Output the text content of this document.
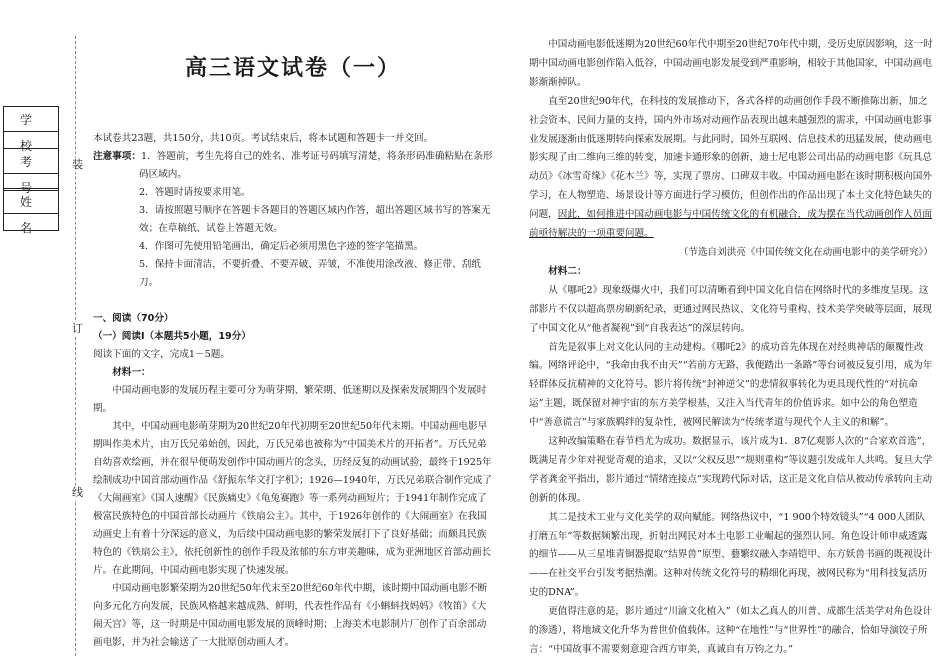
装
订
线
学 校
考 号
姓 名
高三语文试卷（一）

本试卷共23题，共150分，共10页。考试结束后，将本试题和答题卡一并交回。

注意事项：1．答题前，考生先将自己的姓名、准考证号码填写清楚，将条形码准确粘贴在条形码区域内。

2．答题时请按要求用笔。

3．请按照题号顺序在答题卡各题目的答题区域内作答，超出答题区域书写的答案无效；在草稿纸、试卷上答题无效。

4．作图可先使用铅笔画出，确定后必须用黑色字迹的签字笔描黑。

5．保持卡面清洁，不要折叠、不要弄破、弄皱，不准使用涂改液、修正带、刮纸刀。

一、阅读（70分）

（一）阅读Ⅰ（本题共5小题，19分）

阅读下面的文字，完成1－5题。

材料一：

中国动画电影的发展历程主要可分为萌芽期、繁荣期、低迷期以及探索发展期四个发展时期。

其中，中国动画电影萌芽期为20世纪20年代初期至20世纪50年代末期。中国动画电影早期叫作美术片，由万氏兄弟始创，因此，万氏兄弟也被称为“中国美术片的开拓者”。万氏兄弟自幼喜欢绘画，并在很早便萌发创作中国动画片的念头，历经反复的动画试验，最终于1925年绘制成功中国首部动画作品《舒振东华文打字机》；1926—1940年，万氏兄弟联合制作完成了《大闹画室》《国人速醒》《民族痛史》《龟兔赛跑》等一系列动画短片；于1941年制作完成了极富民族特色的中国首部长动画片《铁扇公主》。其中，于1926年创作的《大闹画室》在我国动画史上有着十分深远的意义，为后续中国动画电影的繁荣发展打下了良好基础；而颇具民族特色的《铁扇公主》，依托创新性的创作手段及浓郁的东方审美趣味，成为亚洲地区首部动画长片。在此期间，中国动画电影实现了快速发展。

中国动画电影繁荣期为20世纪50年代末至20世纪60年代中期，该时期中国动画电影不断向多元化方向发展，民族风格越来越成熟、鲜明，代表性作品有《小蝌蚪找妈妈》《牧笛》《大闹天宫》等，这一时期是中国动画电影发展的顶峰时期；上海美术电影制片厂创作了百余部动画电影，并为社会输送了一大批原创动画人才。

中国动画电影低迷期为20世纪60年代中期至20世纪70年代中期，受历史原因影响，这一时期中国动画电影创作陷入低谷，中国动画电影发展受到严重影响，相较于其他国家，中国动画电影渐渐掉队。

直至20世纪90年代，在科技的发展推动下，各式各样的动画创作手段不断推陈出新，加之社会资本、民间力量的支持，国内外市场对动画作品表现出越来越强烈的需求，中国动画电影事业发展逐渐由低迷期转向探索发展期。与此同时，国外互联网、信息技术的迅猛发展，使动画电影实现了由二维向三维的转变，加速卡通形象的创新，迪士尼电影公司出品的动画电影《玩具总动员》《冰雪奇缘》《花木兰》等，实现了票房、口碑双丰收。中国动画电影在该时期积极向国外学习，在人物塑造、场景设计等方面进行学习模仿，但创作出的作品出现了本土文化特色缺失的问题，因此，如何推进中国动画电影与中国传统文化的有机融合，成为摆在当代动画创作人员面前亟待解决的一项重要问题。

（节选自刘洪亮《中国传统文化在动画电影中的美学研究》）

材料二：

从《哪吒2》现象级爆火中，我们可以清晰看到中国文化自信在网络时代的多维度呈现。这部影片不仅以超高票房刷新纪录，更通过网民热议、文化符号重构、技术美学突破等层面，展现了中国文化从“他者凝视”到“自我表达”的深层转向。

首先是叙事上对文化认同的主动建构。《哪吒2》的成功首先体现在对经典神话的颠覆性改编。网络评论中，“我命由我不由天”“若前方无路，我便踏出一条路”等台词被反复引用，成为年轻群体反抗精神的文化符号。影片将传统“封神逆父”的悲情叙事转化为更具现代性的“对抗命运”主题，既保留对神宇宙的东方美学根基，又注入当代青年的价值诉求。如中公的角色塑造中“善意谎言”与家族羁绊的复杂性，被网民解读为“传统孝道与现代个人主义的和解”。

这种改编策略在春节档尤为成功。数据显示，该片成为1．87亿观影人次的“合家欢首选”，既满足青少年对视觉奇观的追求，又以“父权反思”“规则重构”等议题引发成年人共鸣。复旦大学学者龚金平指出，影片通过“情绪连接点”实现跨代际对话，这正是文化自信从被动传承转向主动创新的体现。

其二是技术工业与文化美学的双向赋能。网络热议中，“1 900个特效镜头”“4 000人团队打磨五年”等数据频繁出现，折射出网民对本土电影工业崛起的强烈认同。角色设计师申威透露的细节——从三星堆青铜器提取“结界兽”原型、藝繁纹融入李靖铠甲、东方妖兽书画的既视设计——在社交平台引发考据热潮。这种对传统文化符号的精细化再现，被网民称为“用科技复活历史的DNA”。

更值得注意的是，影片通过“川渝文化植入”（如太乙真人的川普、成都生活美学对角色设计的渗透），将地域文化升华为普世价值载体。这种“在地性”与“世界性”的融合，恰如导演饺子所言：“中国故事不需要刻意迎合西方审美，真诚自有万钧之力。”
